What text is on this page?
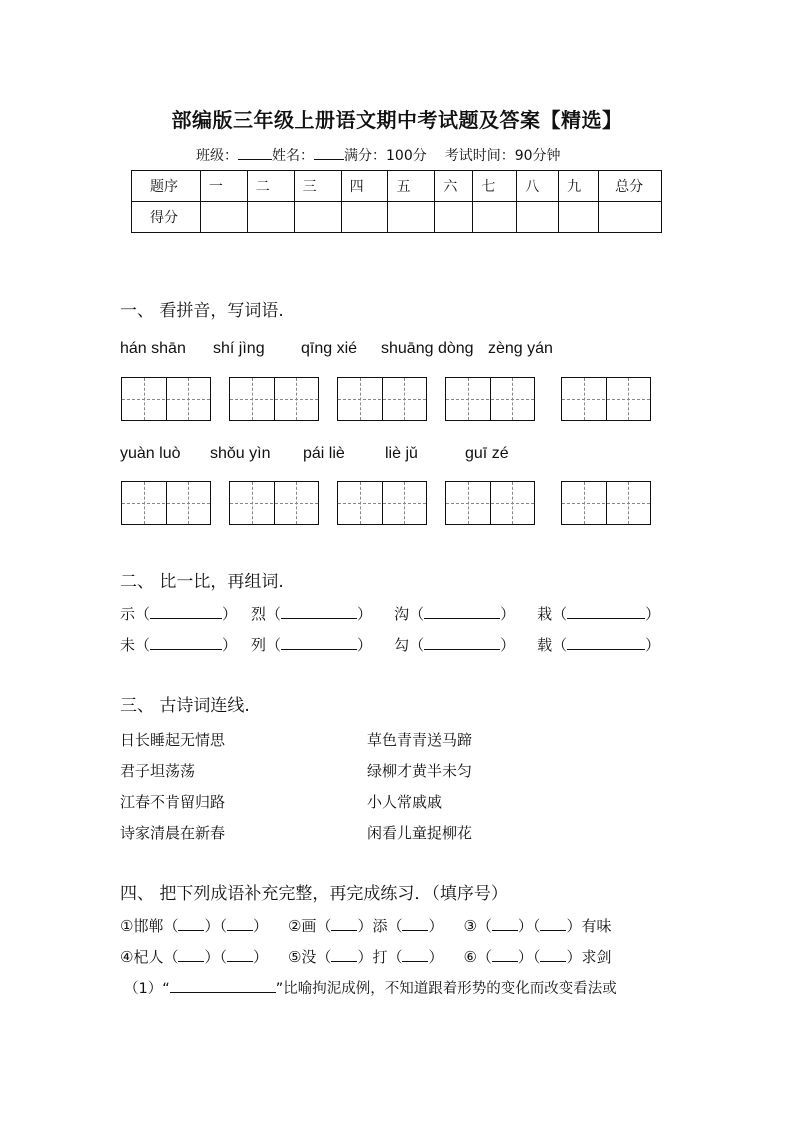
部编版三年级上册语文期中考试题及答案【精选】
班级： 姓名： 满分：100分 考试时间：90分钟
题序	一	二	三	四	五	六	七	八	九	总分
得分										
一、 看拼音，写词语.
hán shān shí jìng qīng xié shuāng dòng zèng yán
yuàn luò shǒu yìn pái liè	liè jǔ	guī zé
二、 比一比，再组词.
示（	） 烈（	） 沟（	） 栽（	）
未（	） 列（	） 勾（	） 载（	）
三、 古诗词连线.
日长睡起无情思
君子坦荡荡
江春不肯留归路
诗家清晨在新春
草色青青送马蹄
绿柳才黄半未匀
小人常戚戚
闲看儿童捉柳花
四、 把下列成语补充完整，再完成练习．（填序号）
①邯郸（ ）（ ） ②画（ ）添（ ） ③（ ）（ ）有味
④杞人（ ）（ ） ⑤没（ ）打（ ） ⑥（ ）（ ）求剑
（1）“	”比喻拘泥成例，不知道跟着形势的变化而改变看法或
